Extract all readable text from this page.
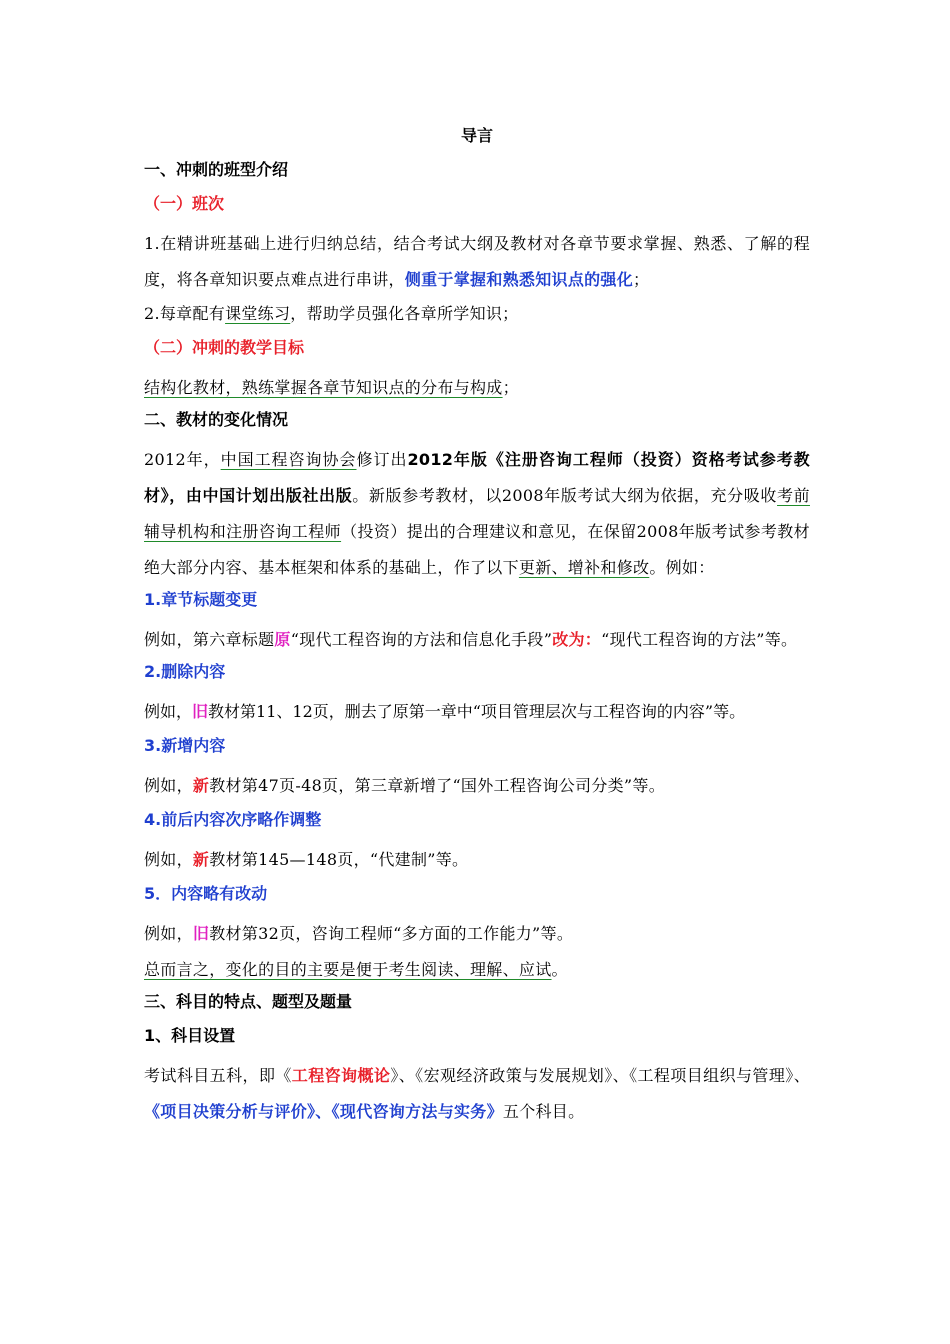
导言
一、冲刺的班型介绍
（一）班次
1.在精讲班基础上进行归纳总结，结合考试大纲及教材对各章节要求掌握、熟悉、了解的程度，将各章知识要点难点进行串讲，侧重于掌握和熟悉知识点的强化；
2.每章配有课堂练习，帮助学员强化各章所学知识；
（二）冲刺的教学目标
结构化教材，熟练掌握各章节知识点的分布与构成；
二、教材的变化情况
2012年，中国工程咨询协会修订出2012年版《注册咨询工程师（投资）资格考试参考教材》，由中国计划出版社出版。新版参考教材，以2008年版考试大纲为依据，充分吸收考前辅导机构和注册咨询工程师（投资）提出的合理建议和意见，在保留2008年版考试参考教材绝大部分内容、基本框架和体系的基础上，作了以下更新、增补和修改。例如：
1.章节标题变更
例如，第六章标题原“现代工程咨询的方法和信息化手段”改为：“现代工程咨询的方法”等。
2.删除内容
例如，旧教材第11、12页，删去了原第一章中“项目管理层次与工程咨询的内容”等。
3.新增内容
例如，新教材第47页-48页，第三章新增了“国外工程咨询公司分类”等。
4.前后内容次序略作调整
例如，新教材第145—148页，“代建制”等。
5．内容略有改动
例如，旧教材第32页，咨询工程师“多方面的工作能力”等。
总而言之，变化的目的主要是便于考生阅读、理解、应试。
三、科目的特点、题型及题量
1、科目设置
考试科目五科，即《工程咨询概论》、《宏观经济政策与发展规划》、《工程项目组织与管理》、《项目决策分析与评价》、《现代咨询方法与实务》五个科目。
